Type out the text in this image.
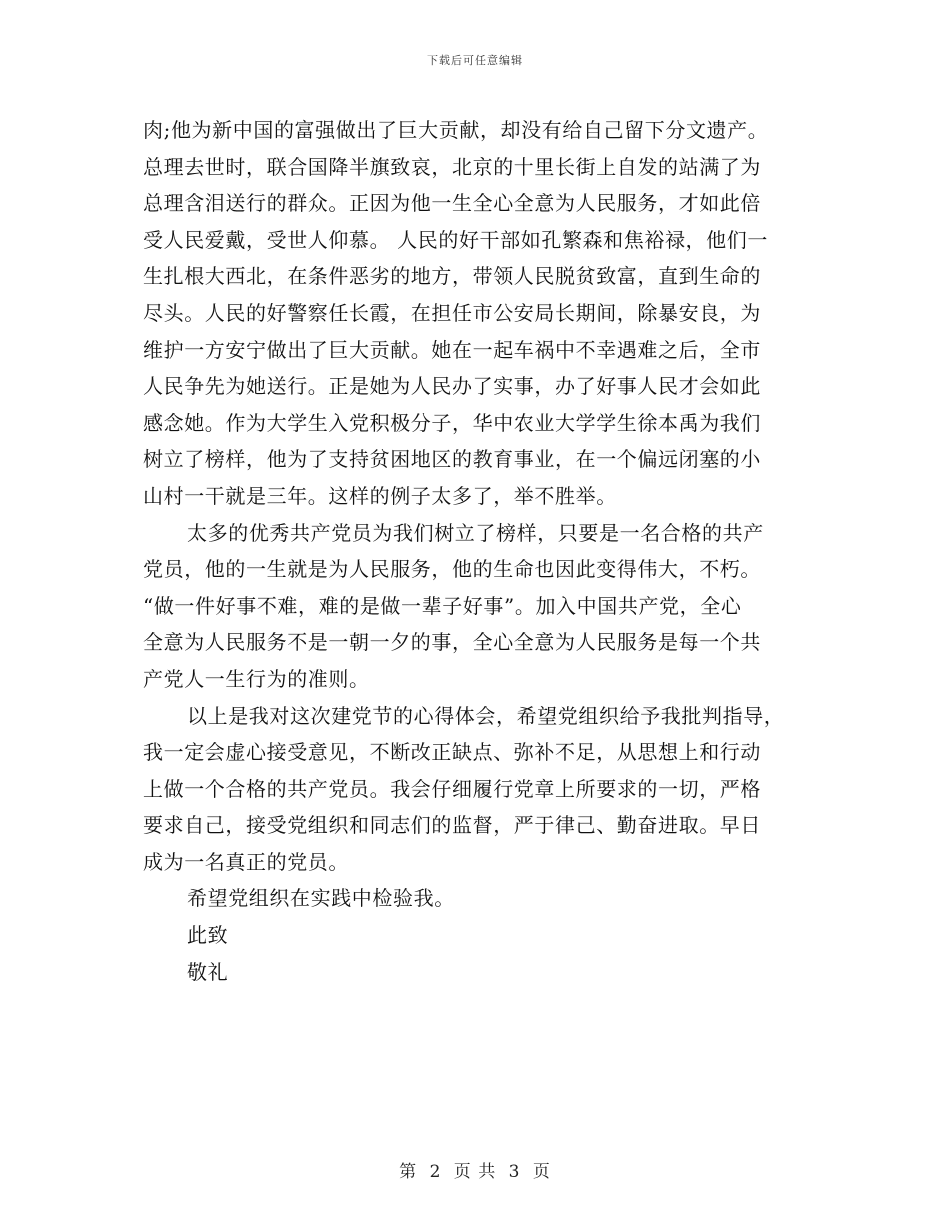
下载后可任意编辑
肉;他为新中国的富强做出了巨大贡献，却没有给自己留下分文遗产。
总理去世时，联合国降半旗致哀，北京的十里长街上自发的站满了为
总理含泪送行的群众。正因为他一生全心全意为人民服务，才如此倍
受人民爱戴，受世人仰慕。 人民的好干部如孔繁森和焦裕禄，他们一
生扎根大西北，在条件恶劣的地方，带领人民脱贫致富，直到生命的
尽头。人民的好警察任长霞，在担任市公安局长期间，除暴安良，为
维护一方安宁做出了巨大贡献。她在一起车祸中不幸遇难之后，全市
人民争先为她送行。正是她为人民办了实事，办了好事人民才会如此
感念她。作为大学生入党积极分子，华中农业大学学生徐本禹为我们
树立了榜样，他为了支持贫困地区的教育事业，在一个偏远闭塞的小
山村一干就是三年。这样的例子太多了，举不胜举。
太多的优秀共产党员为我们树立了榜样，只要是一名合格的共产
党员，他的一生就是为人民服务，他的生命也因此变得伟大，不朽。
“做一件好事不难，难的是做一辈子好事”。加入中国共产党，全心
全意为人民服务不是一朝一夕的事，全心全意为人民服务是每一个共
产党人一生行为的准则。
以上是我对这次建党节的心得体会，希望党组织给予我批判指导，
我一定会虚心接受意见，不断改正缺点、弥补不足，从思想上和行动
上做一个合格的共产党员。我会仔细履行党章上所要求的一切，严格
要求自己，接受党组织和同志们的监督，严于律己、勤奋进取。早日
成为一名真正的党员。
希望党组织在实践中检验我。
此致
敬礼
第 2 页 共 3 页
